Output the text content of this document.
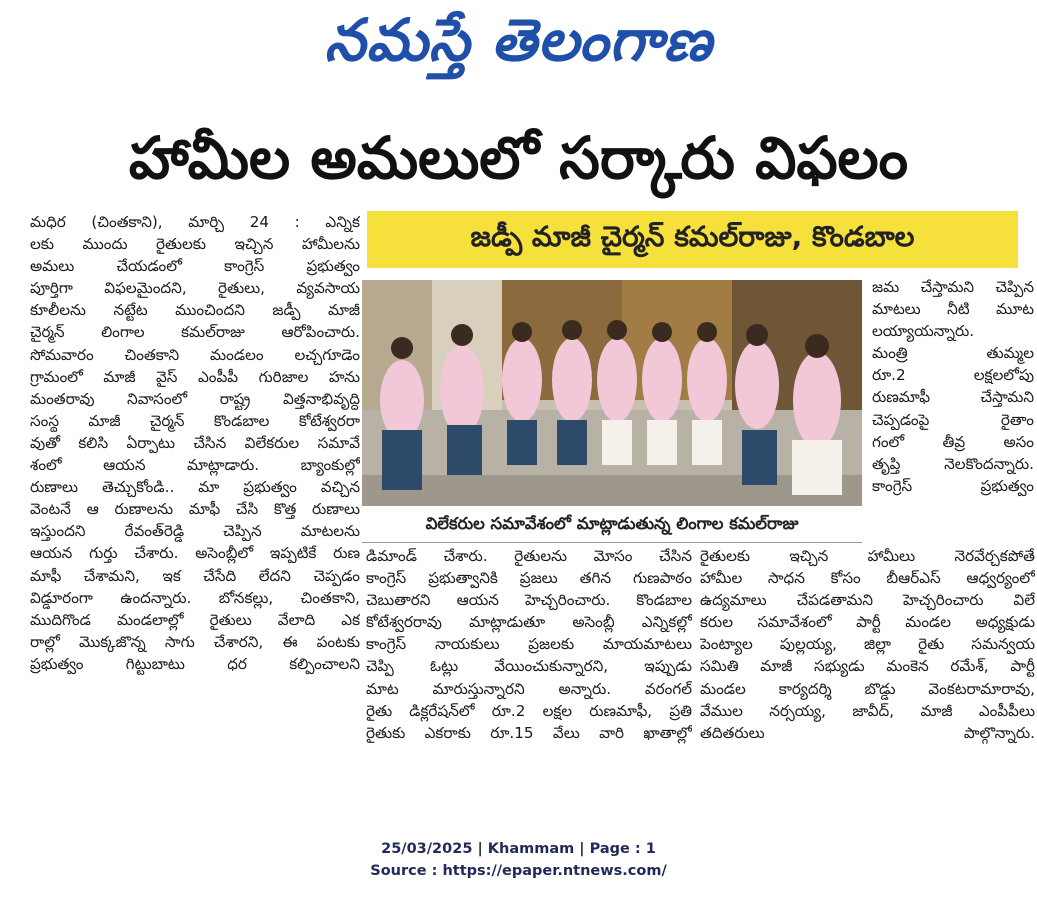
నమస్తే తెలంగాణ
హామీల అమలులో సర్కారు విఫలం
మధిర (చింతకాని), మార్చి 24 : ఎన్నిక
లకు ముందు రైతులకు ఇచ్చిన హామీలను
అమలు చేయడంలో కాంగ్రెస్ ప్రభుత్వం
పూర్తిగా విఫలమైందని, రైతులు, వ్యవసాయ
కూలీలను నట్టేట ముంచిందని జడ్పీ మాజీ
చైర్మన్ లింగాల కమల్‌రాజు ఆరోపించారు.
సోమవారం చింతకాని మండలం లచ్చగూడెం
గ్రామంలో మాజీ వైస్ ఎంపీపీ గురిజాల హను
మంతరావు నివాసంలో రాష్ట్ర విత్తనాభివృద్ధి
సంస్థ మాజీ చైర్మన్ కొండబాల కోటేశ్వరరా
వుతో కలిసి ఏర్పాటు చేసిన విలేకరుల సమావే
శంలో ఆయన మాట్లాడారు. బ్యాంకుల్లో
రుణాలు తెచ్చుకోండి.. మా ప్రభుత్వం వచ్చిన
వెంటనే ఆ రుణాలను మాఫీ చేసి కొత్త రుణాలు
ఇస్తుందని రేవంత్‌రెడ్డి చెప్పిన మాటలను
ఆయన గుర్తు చేశారు. అసెంబ్లీలో ఇప్పటికే రుణ
మాఫీ చేశామని, ఇక చేసేది లేదని చెప్పడం
విడ్డూరంగా ఉందన్నారు. బోనకల్లు, చింతకాని,
ముదిగొండ మండలాల్లో రైతులు వేలాది ఎక
రాల్లో మొక్కజొన్న సాగు చేశారని, ఈ పంటకు
ప్రభుత్వం గిట్టుబాటు ధర కల్పించాలని
జడ్పీ మాజీ చైర్మన్ కమల్‌రాజు, కొండబాల
విలేకరుల సమావేశంలో మాట్లాడుతున్న లింగాల కమల్‌రాజు
జమ చేస్తామని చెప్పిన
మాటలు నీటి మూట
లయ్యాయన్నారు.
మంత్రి తుమ్మల
రూ.2 లక్షలలోపు
రుణమాఫీ చేస్తామని
చెప్పడంపై రైతాం
గంలో తీవ్ర అసం
తృప్తి నెలకొందన్నారు.
కాంగ్రెస్ ప్రభుత్వం
డిమాండ్ చేశారు. రైతులను మోసం చేసిన
కాంగ్రెస్ ప్రభుత్వానికి ప్రజలు తగిన గుణపాఠం
చెబుతారని ఆయన హెచ్చరించారు. కొండబాల
కోటేశ్వరరావు మాట్లాడుతూ అసెంబ్లీ ఎన్నికల్లో
కాంగ్రెస్ నాయకులు ప్రజలకు మాయమాటలు
చెప్పి ఓట్లు వేయించుకున్నారని, ఇప్పుడు
మాట మారుస్తున్నారని అన్నారు. వరంగల్
రైతు డిక్లరేషన్‌లో రూ.2 లక్షల రుణమాఫీ, ప్రతి
రైతుకు ఎకరాకు రూ.15 వేలు వారి ఖాతాల్లో
రైతులకు ఇచ్చిన హామీలు నెరవేర్చకపోతే
హామీల సాధన కోసం బీఆర్ఎస్ ఆధ్వర్యంలో
ఉద్యమాలు చేపడతామని హెచ్చరించారు విలే
కరుల సమావేశంలో పార్టీ మండల అధ్యక్షుడు
పెంట్యాల పుల్లయ్య, జిల్లా రైతు సమన్వయ
సమితి మాజీ సభ్యుడు మంకెన రమేశ్, పార్టీ
మండల కార్యదర్శి బొడ్డు వెంకటరామారావు,
వేముల నర్సయ్య, జావీద్, మాజీ ఎంపీపీలు
తదితరులు పాల్గొన్నారు.
25/03/2025 | Khammam | Page : 1
Source : https://epaper.ntnews.com/
